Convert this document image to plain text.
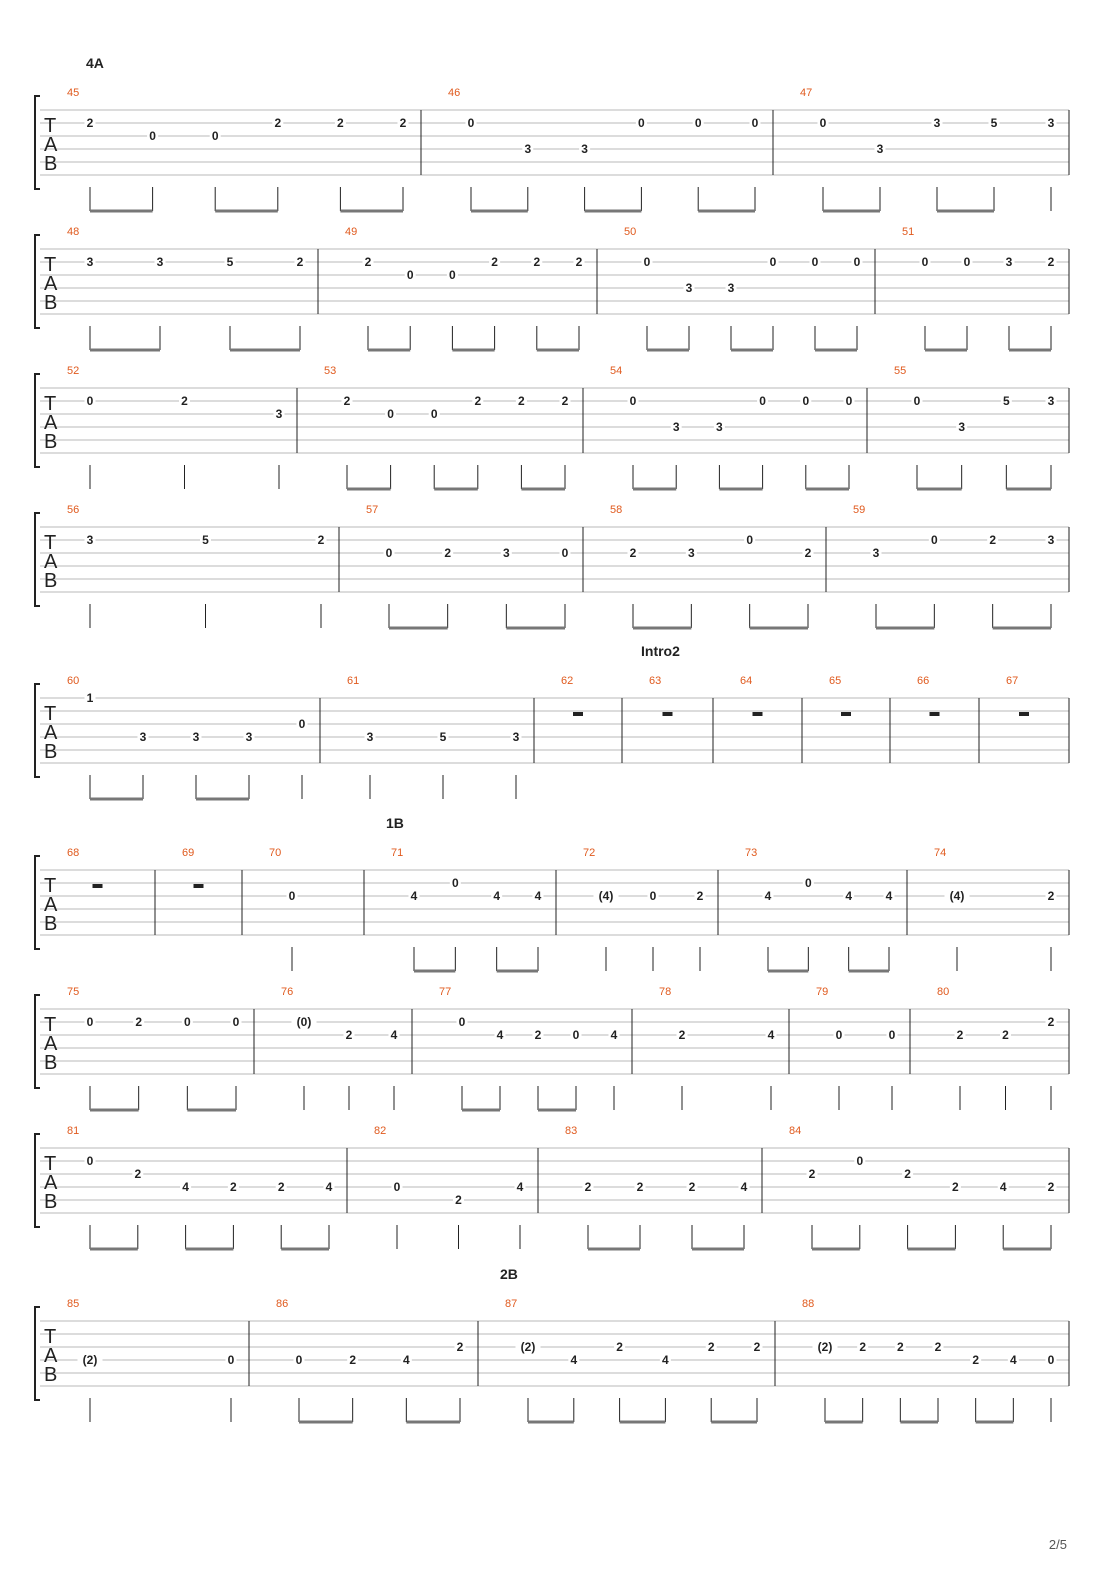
4A
T
A
B
45
2
0	0
2	2	2
46
0
3	3
0	0	0
47
0
3
3	5	3
T
A
B
48
3	3	5	2
49
2
0	0
2	2	2
50
0
3	3
0	0	0
51
0	0	3	2
T
A
B
52
0	2
3
53
2
0	0
2	2	2
54
0
3	3
0	0	0
55
0
3
5	3
T
A
B
56
3	5	2
57
0	2	3	0
58
2	3
0
2
59
3
0	2	3
Intro2
T
A
B
60
1
3	3	3
0
61
3	5	3
62	63	64	65	66	67
1B
T
A
B
68	69	70
0
71
4
0
4	4
72
(4)	0	2
73
4
0
4	4
74
(4)	2
T
A
B
75
0	2	0	0
76
(0)
2	4
77
0
4	2	0	4
78
2	4
79
0	0
80
2	2
2
T
A
B
81
0
2
4	2	2	4
82
0
2
4
83
2	2	2	4
84
2
0
2
2	4	2
2B
T
A
B
85
(2)	0
86
0	2	4
2
87
(2)
4
2
4
2	2
88
(2) 2	2	2
2	4	0
2/5
